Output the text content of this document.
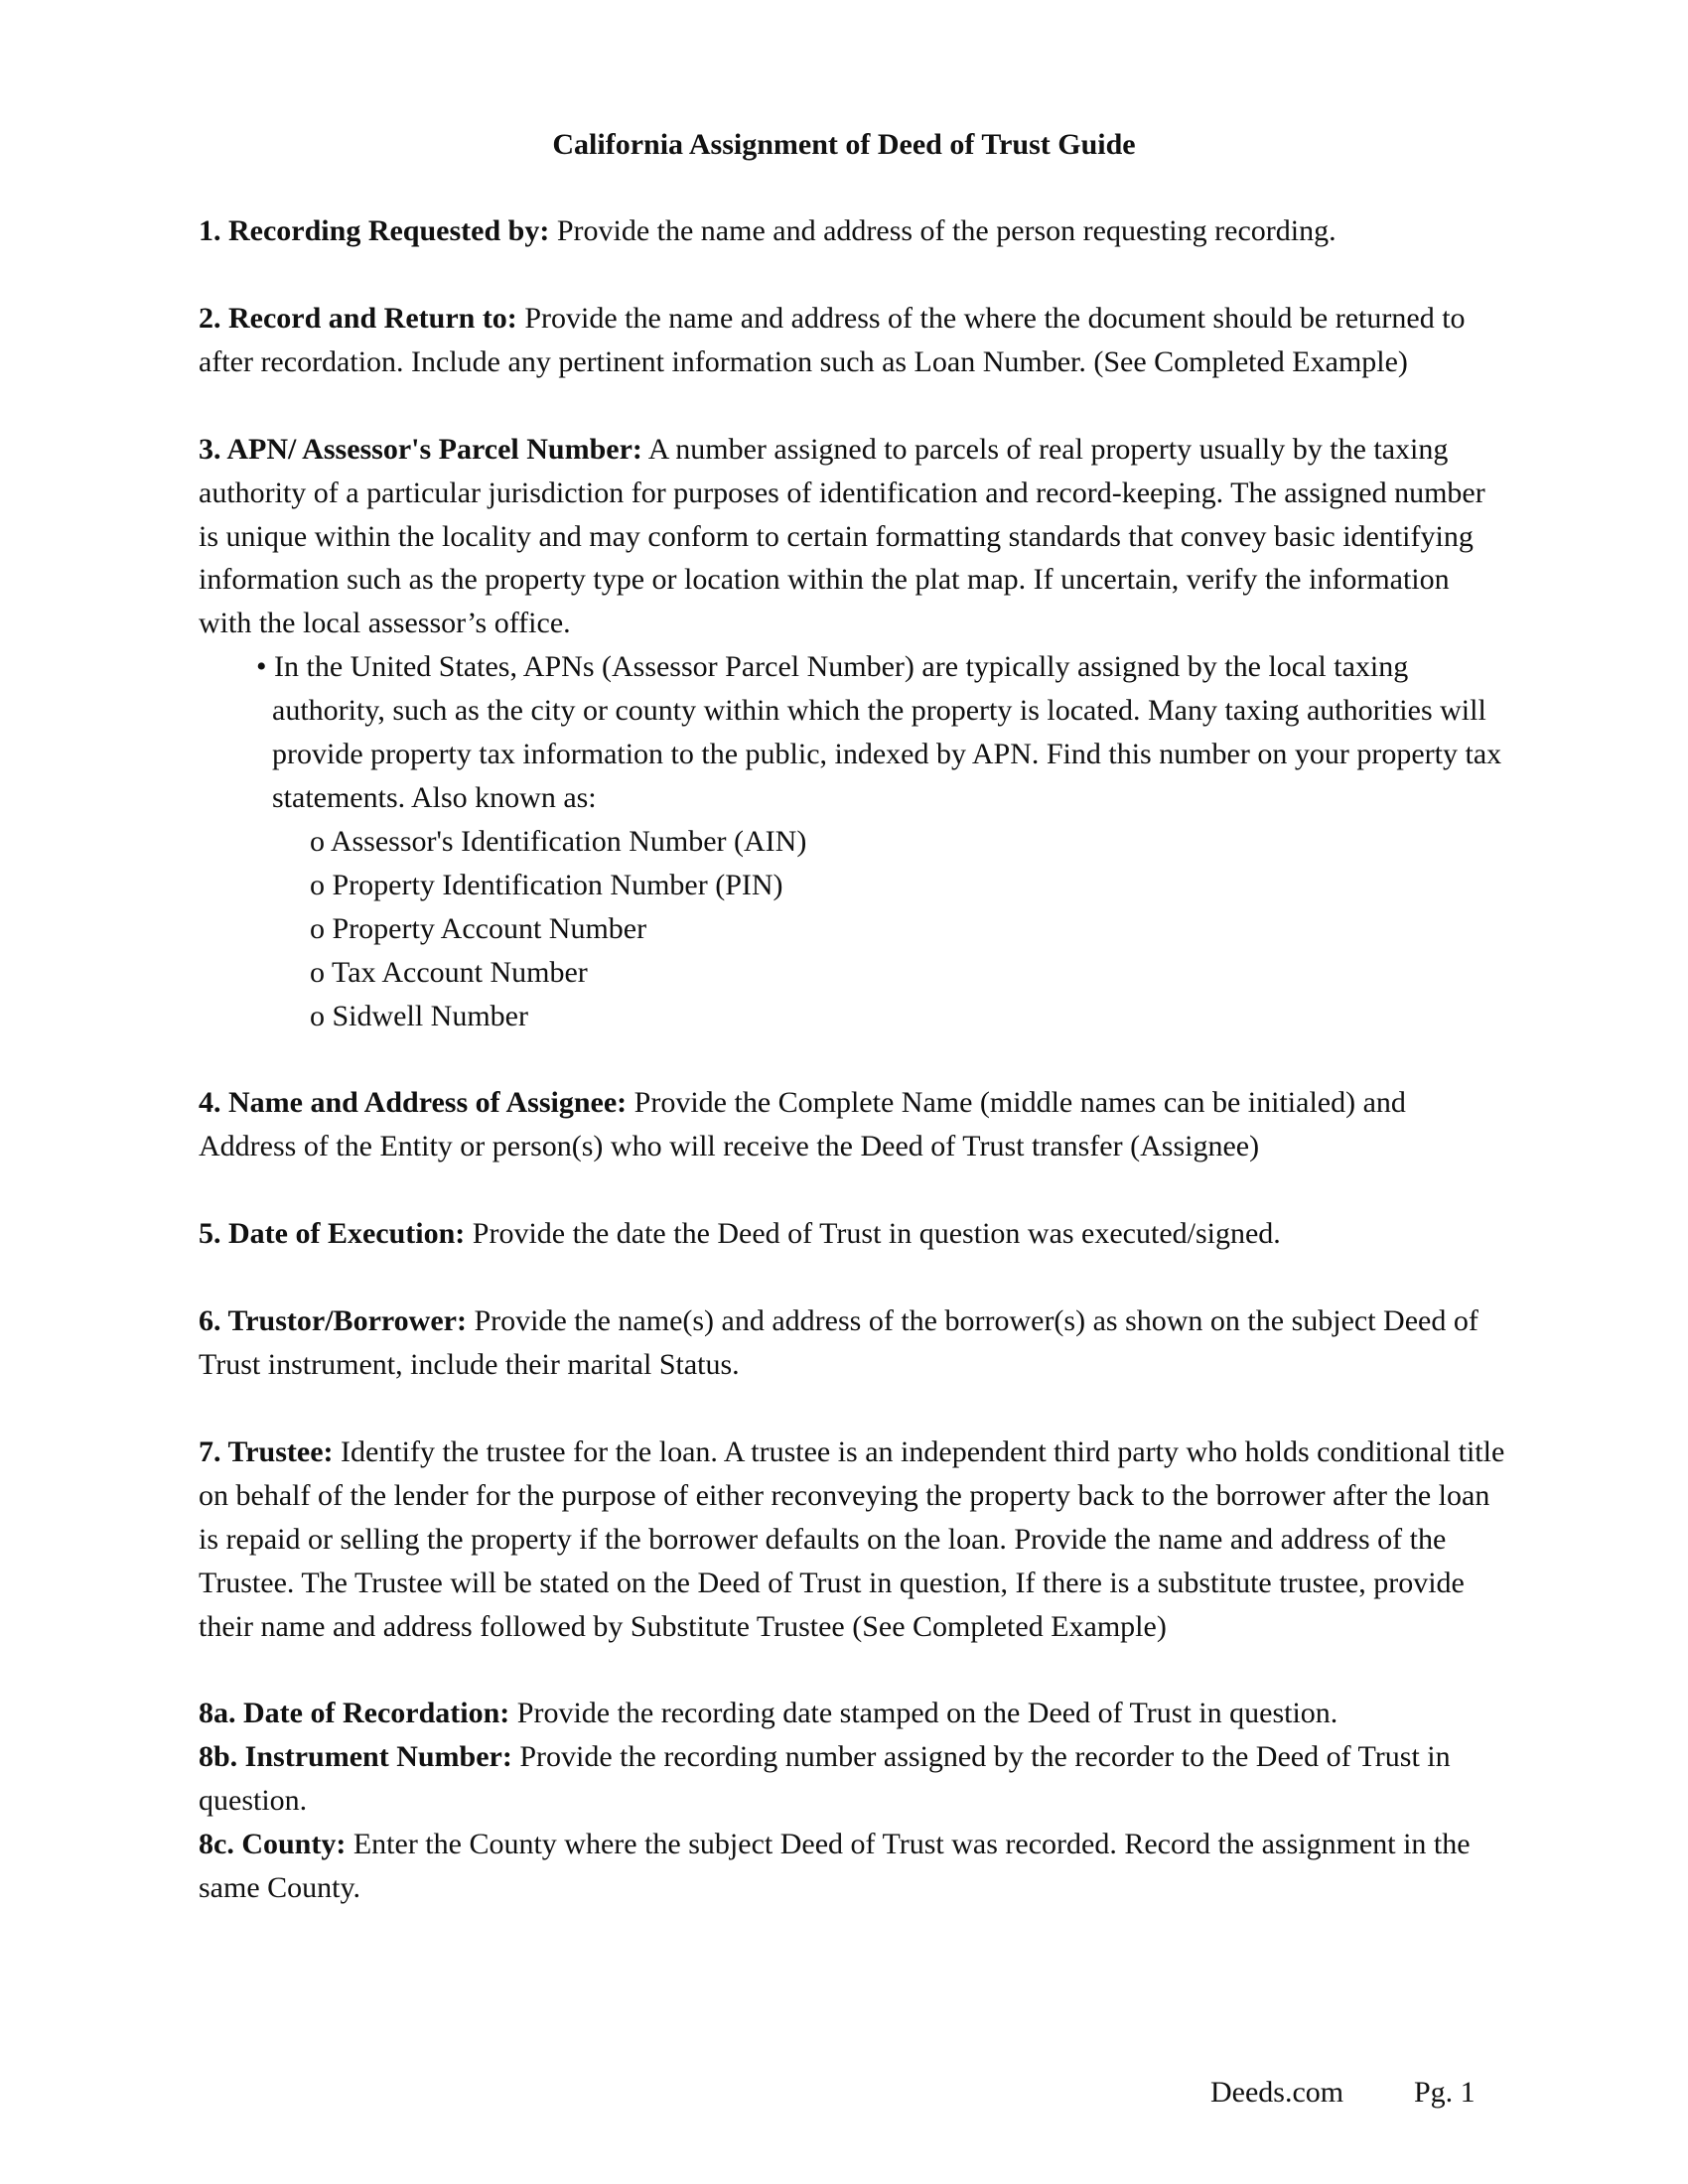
California Assignment of Deed of Trust Guide

1. Recording Requested by: Provide the name and address of the person requesting recording.

2. Record and Return to: Provide the name and address of the where the document should be returned to after recordation. Include any pertinent information such as Loan Number. (See Completed Example)

3. APN/ Assessor's Parcel Number: A number assigned to parcels of real property usually by the taxing authority of a particular jurisdiction for purposes of identification and record-keeping. The assigned number is unique within the locality and may conform to certain formatting standards that convey basic identifying information such as the property type or location within the plat map. If uncertain, verify the information with the local assessor’s office.

• In the United States, APNs (Assessor Parcel Number) are typically assigned by the local taxing authority, such as the city or county within which the property is located. Many taxing authorities will provide property tax information to the public, indexed by APN. Find this number on your property tax statements. Also known as:

o Assessor's Identification Number (AIN)
o Property Identification Number (PIN)
o Property Account Number
o Tax Account Number
o Sidwell Number

4. Name and Address of Assignee: Provide the Complete Name (middle names can be initialed) and Address of the Entity or person(s) who will receive the Deed of Trust transfer (Assignee)

5. Date of Execution: Provide the date the Deed of Trust in question was executed/signed.

6. Trustor/Borrower: Provide the name(s) and address of the borrower(s) as shown on the subject Deed of Trust instrument, include their marital Status.

7. Trustee: Identify the trustee for the loan. A trustee is an independent third party who holds conditional title on behalf of the lender for the purpose of either reconveying the property back to the borrower after the loan is repaid or selling the property if the borrower defaults on the loan. Provide the name and address of the Trustee. The Trustee will be stated on the Deed of Trust in question, If there is a substitute trustee, provide their name and address followed by Substitute Trustee (See Completed Example)

8a. Date of Recordation: Provide the recording date stamped on the Deed of Trust in question.

8b. Instrument Number: Provide the recording number assigned by the recorder to the Deed of Trust in question.

8c. County: Enter the County where the subject Deed of Trust was recorded. Record the assignment in the same County.

Deeds.com Pg. 1
